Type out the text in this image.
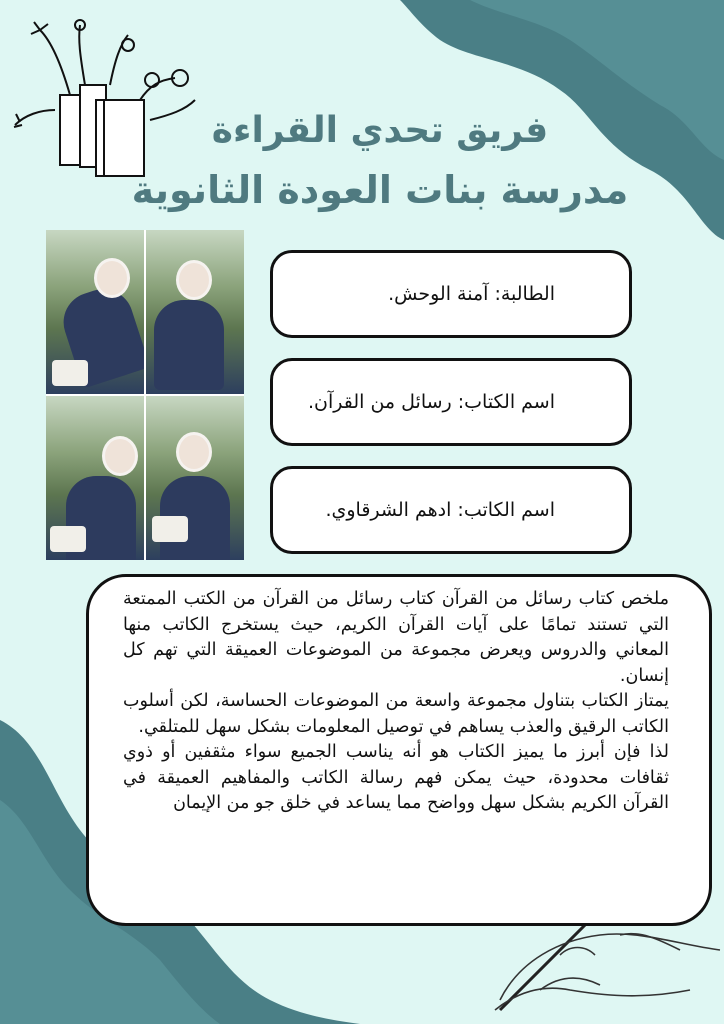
فريق تحدي القراءة
مدرسة بنات العودة الثانوية
الطالبة: آمنة الوحش.
اسم الكتاب: رسائل من القرآن.
اسم الكاتب: ادهم الشرقاوي.

ملخص كتاب رسائل من القرآن كتاب رسائل من القرآن من الكتب الممتعة التي تستند تمامًا على آيات القرآن الكريم، حيث يستخرج الكاتب منها المعاني والدروس ويعرض مجموعة من الموضوعات العميقة التي تهم كل إنسان.

يمتاز الكتاب بتناول مجموعة واسعة من الموضوعات الحساسة، لكن أسلوب الكاتب الرقيق والعذب يساهم في توصيل المعلومات بشكل سهل للمتلقي.

لذا فإن أبرز ما يميز الكتاب هو أنه يناسب الجميع سواء مثقفين أو ذوي ثقافات محدودة، حيث يمكن فهم رسالة الكاتب والمفاهيم العميقة في القرآن الكريم بشكل سهل وواضح مما يساعد في خلق جو من الإيمان
